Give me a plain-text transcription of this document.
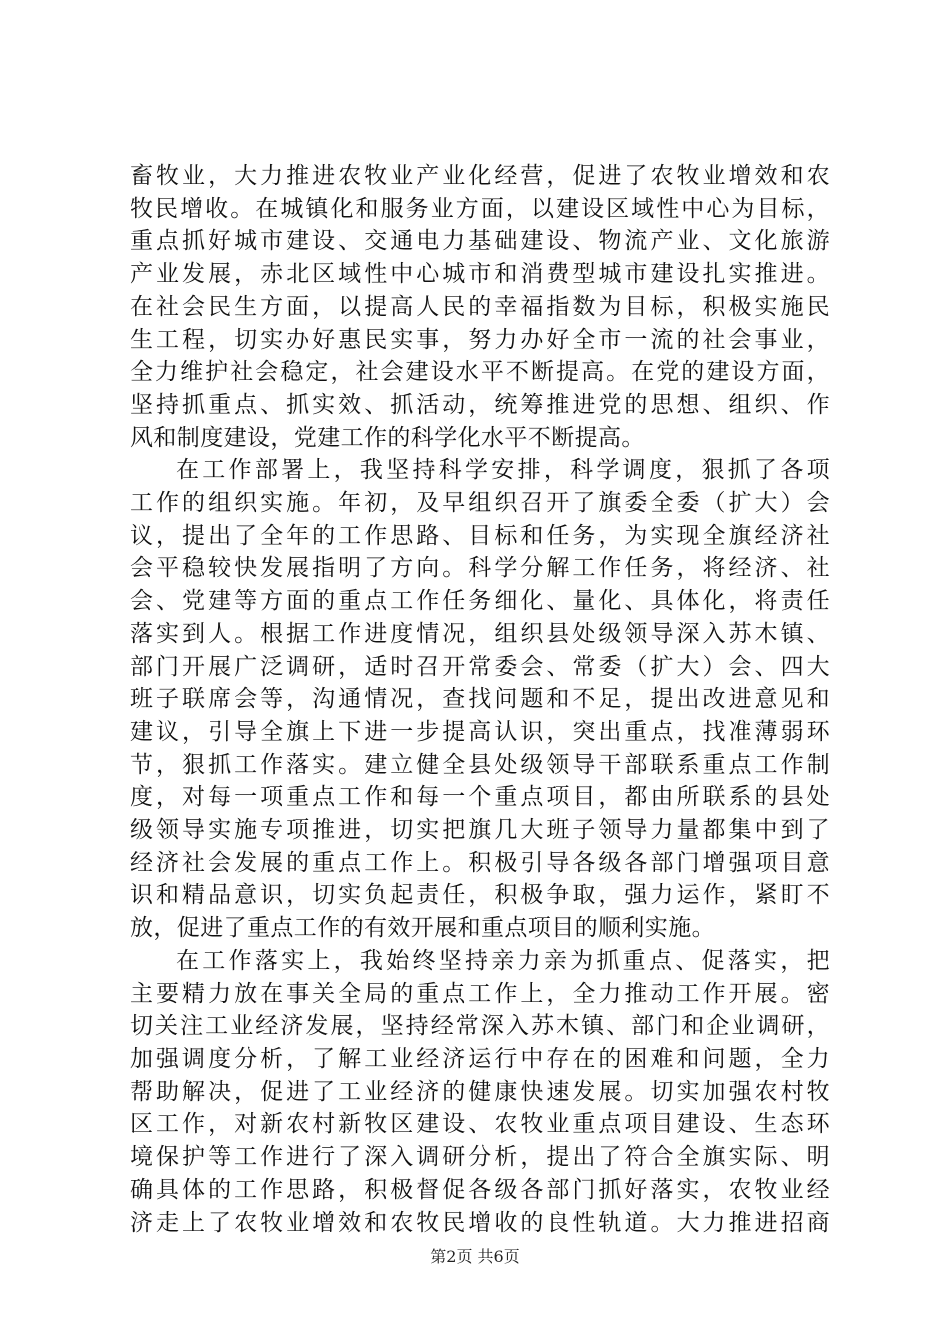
畜牧业，大力推进农牧业产业化经营，促进了农牧业增效和农
牧民增收。在城镇化和服务业方面，以建设区域性中心为目标，
重点抓好城市建设、交通电力基础建设、物流产业、文化旅游
产业发展，赤北区域性中心城市和消费型城市建设扎实推进。
在社会民生方面，以提高人民的幸福指数为目标，积极实施民
生工程，切实办好惠民实事，努力办好全市一流的社会事业，
全力维护社会稳定，社会建设水平不断提高。在党的建设方面，
坚持抓重点、抓实效、抓活动，统筹推进党的思想、组织、作
风和制度建设，党建工作的科学化水平不断提高。
在工作部署上，我坚持科学安排，科学调度，狠抓了各项
工作的组织实施。年初，及早组织召开了旗委全委（扩大）会
议，提出了全年的工作思路、目标和任务，为实现全旗经济社
会平稳较快发展指明了方向。科学分解工作任务，将经济、社
会、党建等方面的重点工作任务细化、量化、具体化，将责任
落实到人。根据工作进度情况，组织县处级领导深入苏木镇、
部门开展广泛调研，适时召开常委会、常委（扩大）会、四大
班子联席会等，沟通情况，查找问题和不足，提出改进意见和
建议，引导全旗上下进一步提高认识，突出重点，找准薄弱环
节，狠抓工作落实。建立健全县处级领导干部联系重点工作制
度，对每一项重点工作和每一个重点项目，都由所联系的县处
级领导实施专项推进，切实把旗几大班子领导力量都集中到了
经济社会发展的重点工作上。积极引导各级各部门增强项目意
识和精品意识，切实负起责任，积极争取，强力运作，紧盯不
放，促进了重点工作的有效开展和重点项目的顺利实施。
在工作落实上，我始终坚持亲力亲为抓重点、促落实，把
主要精力放在事关全局的重点工作上，全力推动工作开展。密
切关注工业经济发展，坚持经常深入苏木镇、部门和企业调研，
加强调度分析，了解工业经济运行中存在的困难和问题，全力
帮助解决，促进了工业经济的健康快速发展。切实加强农村牧
区工作，对新农村新牧区建设、农牧业重点项目建设、生态环
境保护等工作进行了深入调研分析，提出了符合全旗实际、明
确具体的工作思路，积极督促各级各部门抓好落实，农牧业经
济走上了农牧业增效和农牧民增收的良性轨道。大力推进招商
第2页 共6页
